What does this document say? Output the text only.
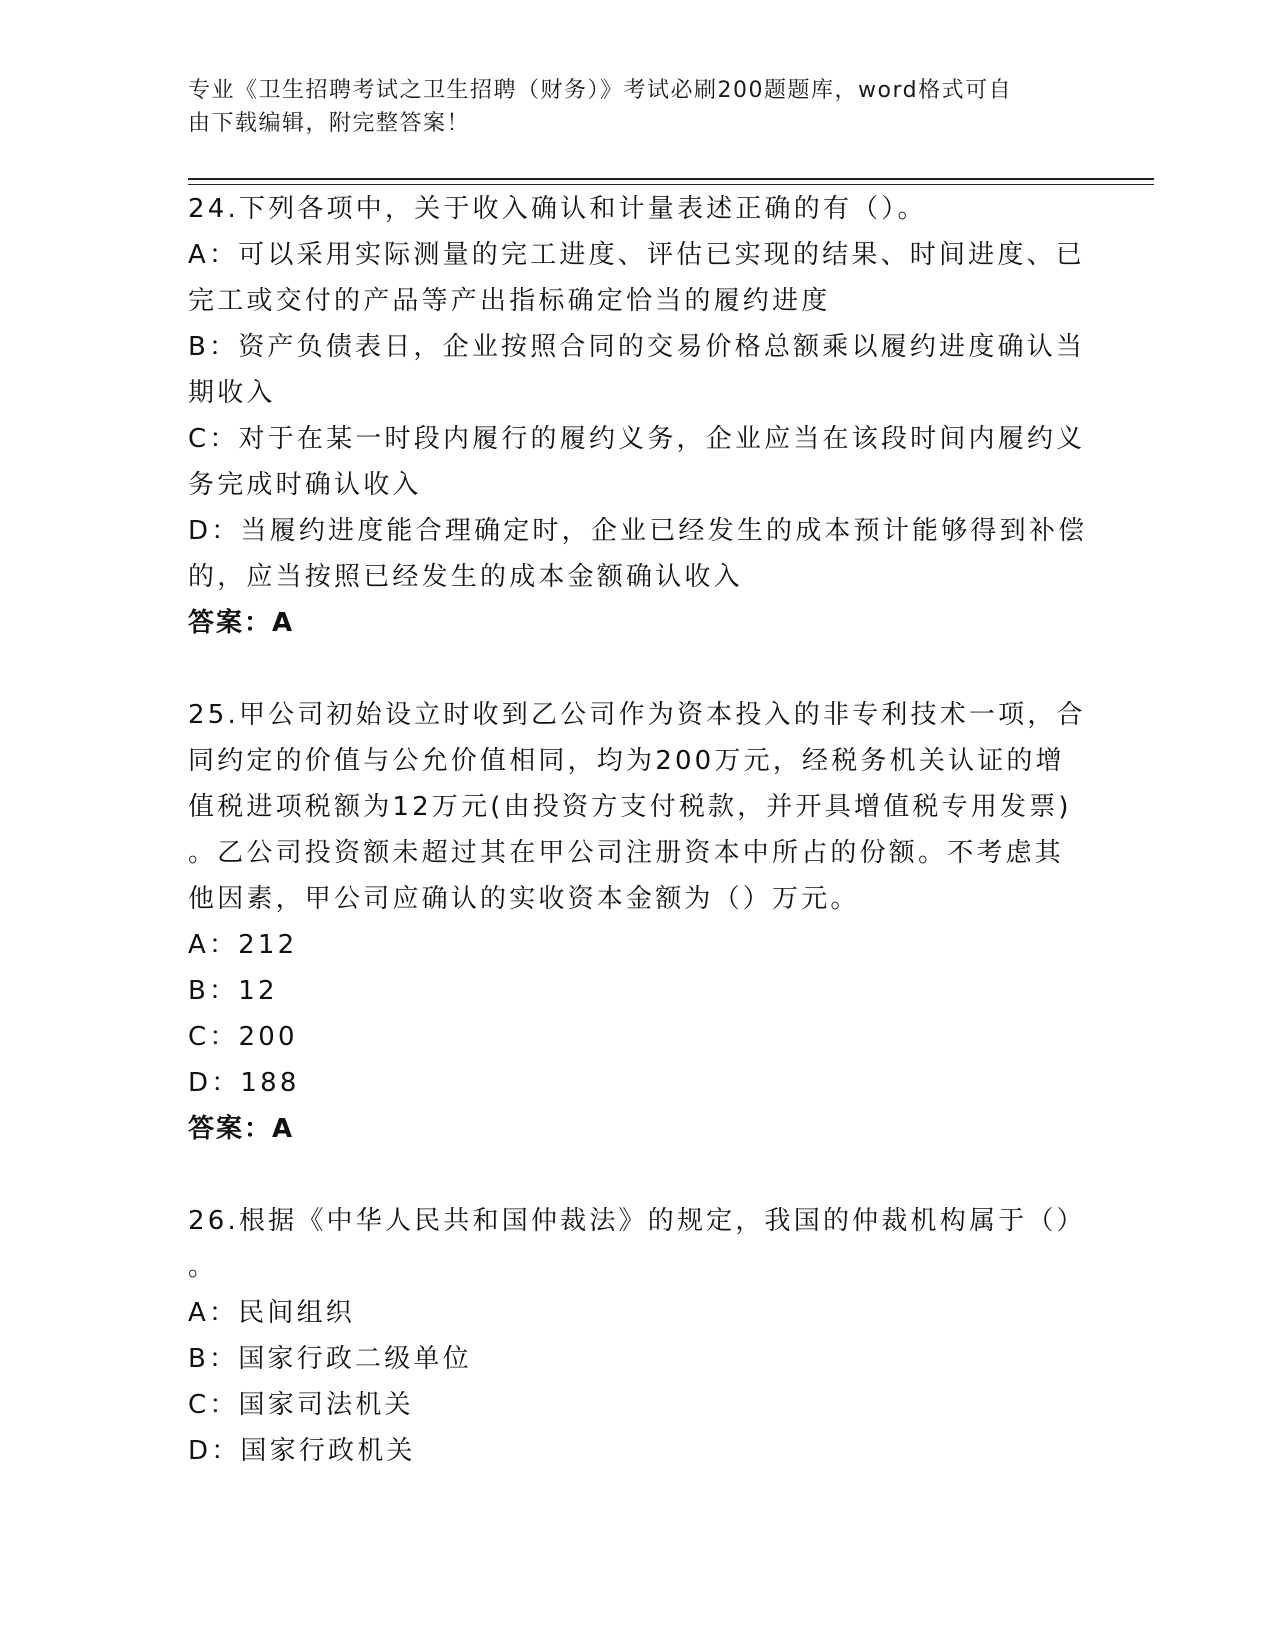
专业《卫生招聘考试之卫生招聘（财务）》考试必刷200题题库，word格式可自
由下载编辑，附完整答案！

24.下列各项中，关于收入确认和计量表述正确的有（）。

A：可以采用实际测量的完工进度、评估已实现的结果、时间进度、已

完工或交付的产品等产出指标确定恰当的履约进度

B：资产负债表日，企业按照合同的交易价格总额乘以履约进度确认当

期收入

C：对于在某一时段内履行的履约义务，企业应当在该段时间内履约义

务完成时确认收入

D：当履约进度能合理确定时，企业已经发生的成本预计能够得到补偿

的，应当按照已经发生的成本金额确认收入

答案：A

25.甲公司初始设立时收到乙公司作为资本投入的非专利技术一项，合

同约定的价值与公允价值相同，均为200万元，经税务机关认证的增

值税进项税额为12万元(由投资方支付税款，并开具增值税专用发票)

。乙公司投资额未超过其在甲公司注册资本中所占的份额。不考虑其

他因素，甲公司应确认的实收资本金额为（）万元。

A：212

B：12

C：200

D：188

答案：A

26.根据《中华人民共和国仲裁法》的规定，我国的仲裁机构属于（）

。

A：民间组织

B：国家行政二级单位

C：国家司法机关

D：国家行政机关
